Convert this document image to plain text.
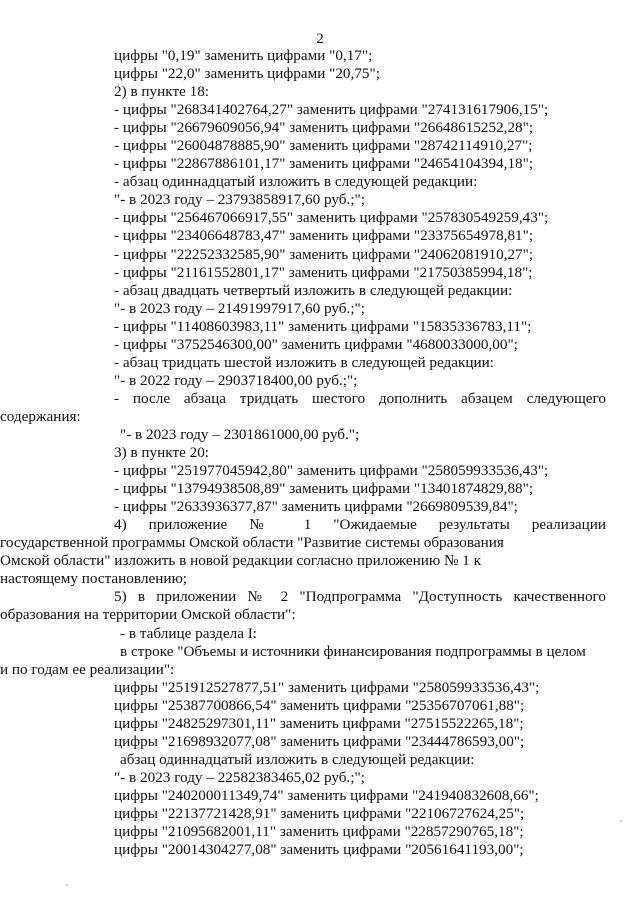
2
цифры "0,19" заменить цифрами "0,17";
цифры "22,0" заменить цифрами "20,75";
2) в пункте 18:
- цифры "268341402764,27" заменить цифрами "274131617906,15";
- цифры "26679609056,94" заменить цифрами "26648615252,28";
- цифры "26004878885,90" заменить цифрами "28742114910,27";
- цифры "22867886101,17" заменить цифрами "24654104394,18";
- абзац одиннадцатый изложить в следующей редакции:
"- в 2023 году – 23793858917,60 руб.;";
- цифры "256467066917,55" заменить цифрами "257830549259,43";
- цифры "23406648783,47" заменить цифрами "23375654978,81";
- цифры "22252332585,90" заменить цифрами "24062081910,27";
- цифры "21161552801,17" заменить цифрами "21750385994,18";
- абзац двадцать четвертый изложить в следующей редакции:
"- в 2023 году – 21491997917,60 руб.;";
- цифры "11408603983,11" заменить цифрами "15835336783,11";
- цифры "3752546300,00" заменить цифрами "4680033000,00";
- абзац тридцать шестой изложить в следующей редакции:
"- в 2022 году – 2903718400,00 руб.;";
- после абзаца тридцать шестого дополнить абзацем следующего
содержания:
"- в 2023 году – 2301861000,00 руб.";
3) в пункте 20:
- цифры "251977045942,80" заменить цифрами "258059933536,43";
- цифры "13794938508,89" заменить цифрами "13401874829,88";
- цифры "2633936377,87" заменить цифрами "2669809539,84";
4) приложение № 1 "Ожидаемые результаты реализации
государственной программы Омской области "Развитие системы образования
Омской области" изложить в новой редакции согласно приложению № 1 к
настоящему постановлению;
5) в приложении № 2 "Подпрограмма "Доступность качественного
образования на территории Омской области":
- в таблице раздела I:
в строке "Объемы и источники финансирования подпрограммы в целом
и по годам ее реализации":
цифры "251912527877,51" заменить цифрами "258059933536,43";
цифры "25387700866,54" заменить цифрами "25356707061,88";
цифры "24825297301,11" заменить цифрами "27515522265,18";
цифры "21698932077,08" заменить цифрами "23444786593,00";
абзац одиннадцатый изложить в следующей редакции:
"- в 2023 году – 22582383465,02 руб.;";
цифры "240200011349,74" заменить цифрами "241940832608,66";
цифры "22137721428,91" заменить цифрами "22106727624,25";
цифры "21095682001,11" заменить цифрами "22857290765,18";
цифры "20014304277,08" заменить цифрами "20561641193,00";
